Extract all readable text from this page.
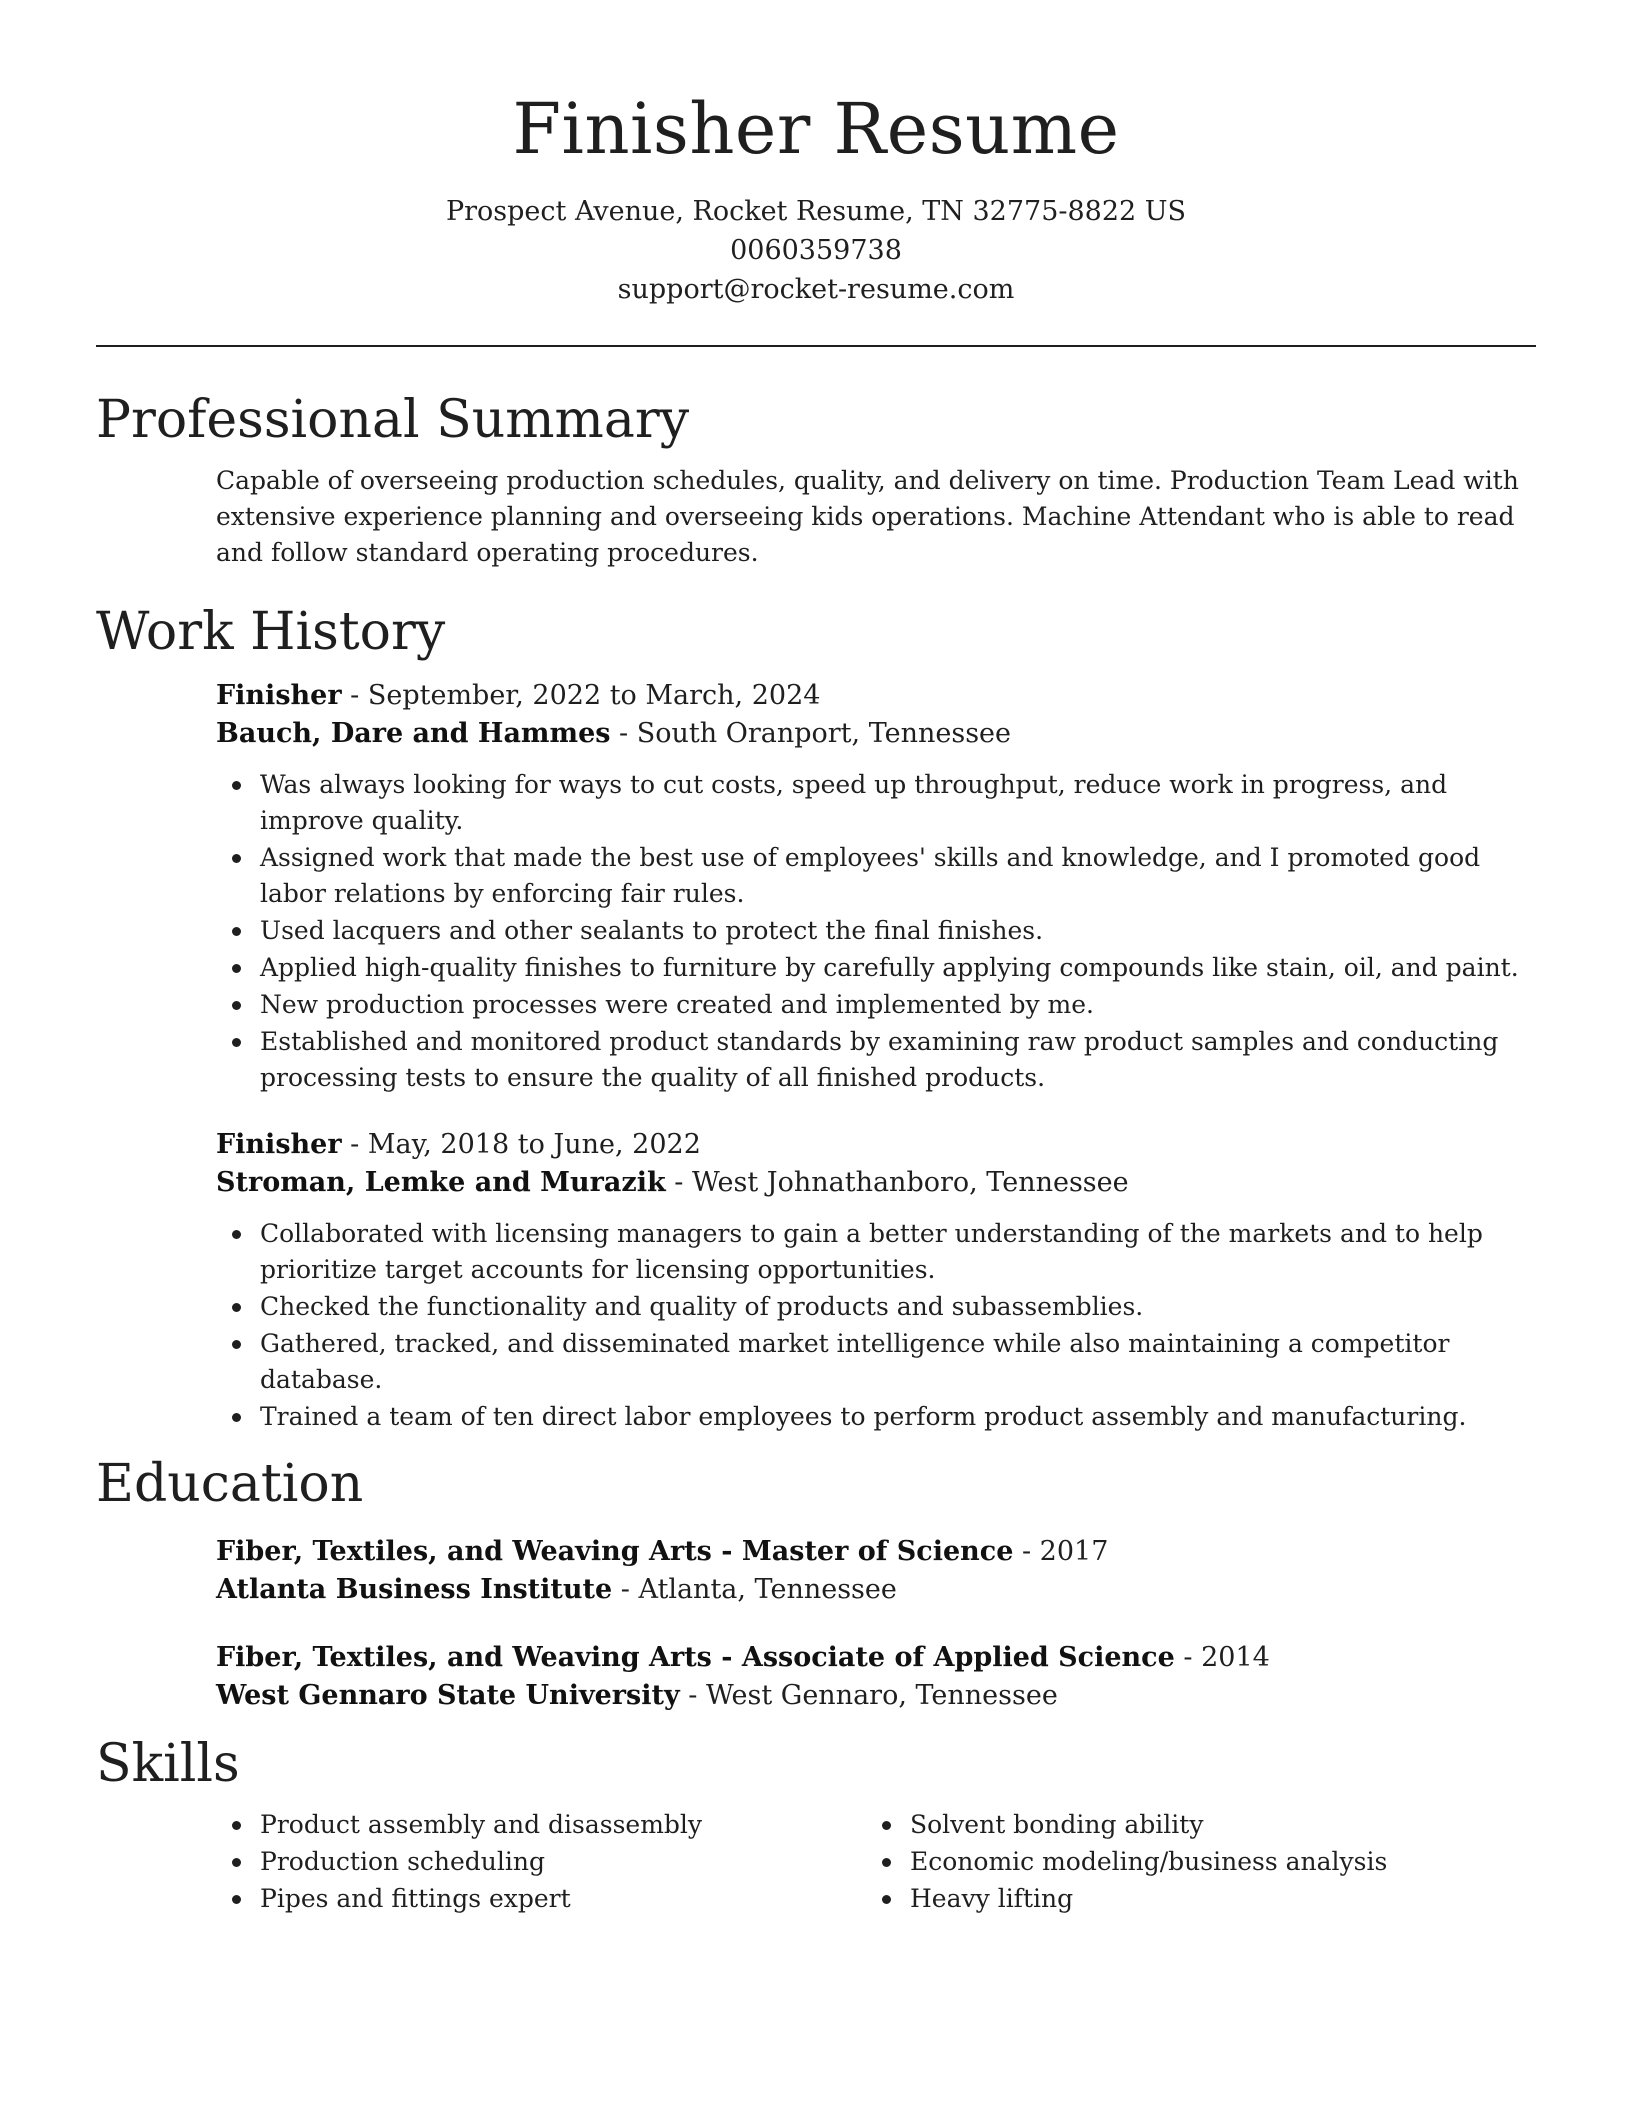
Finisher Resume
Prospect Avenue, Rocket Resume, TN 32775-8822 US
0060359738
support@rocket-resume.com
Professional Summary

Capable of overseeing production schedules, quality, and delivery on time. Production Team Lead with extensive experience planning and overseeing kids operations. Machine Attendant who is able to read and follow standard operating procedures.

Work History
Finisher - September, 2022 to March, 2024
Bauch, Dare and Hammes - South Oranport, Tennessee
Was always looking for ways to cut costs, speed up throughput, reduce work in progress, and improve quality.
Assigned work that made the best use of employees' skills and knowledge, and I promoted good labor relations by enforcing fair rules.
Used lacquers and other sealants to protect the final finishes.
Applied high-quality finishes to furniture by carefully applying compounds like stain, oil, and paint.
New production processes were created and implemented by me.
Established and monitored product standards by examining raw product samples and conducting processing tests to ensure the quality of all finished products.
Finisher - May, 2018 to June, 2022
Stroman, Lemke and Murazik - West Johnathanboro, Tennessee
Collaborated with licensing managers to gain a better understanding of the markets and to help prioritize target accounts for licensing opportunities.
Checked the functionality and quality of products and subassemblies.
Gathered, tracked, and disseminated market intelligence while also maintaining a competitor database.
Trained a team of ten direct labor employees to perform product assembly and manufacturing.
Education
Fiber, Textiles, and Weaving Arts - Master of Science - 2017
Atlanta Business Institute - Atlanta, Tennessee
Fiber, Textiles, and Weaving Arts - Associate of Applied Science - 2014
West Gennaro State University - West Gennaro, Tennessee
Skills
Product assembly and disassembly
Production scheduling
Pipes and fittings expert
Solvent bonding ability
Economic modeling/business analysis
Heavy lifting
